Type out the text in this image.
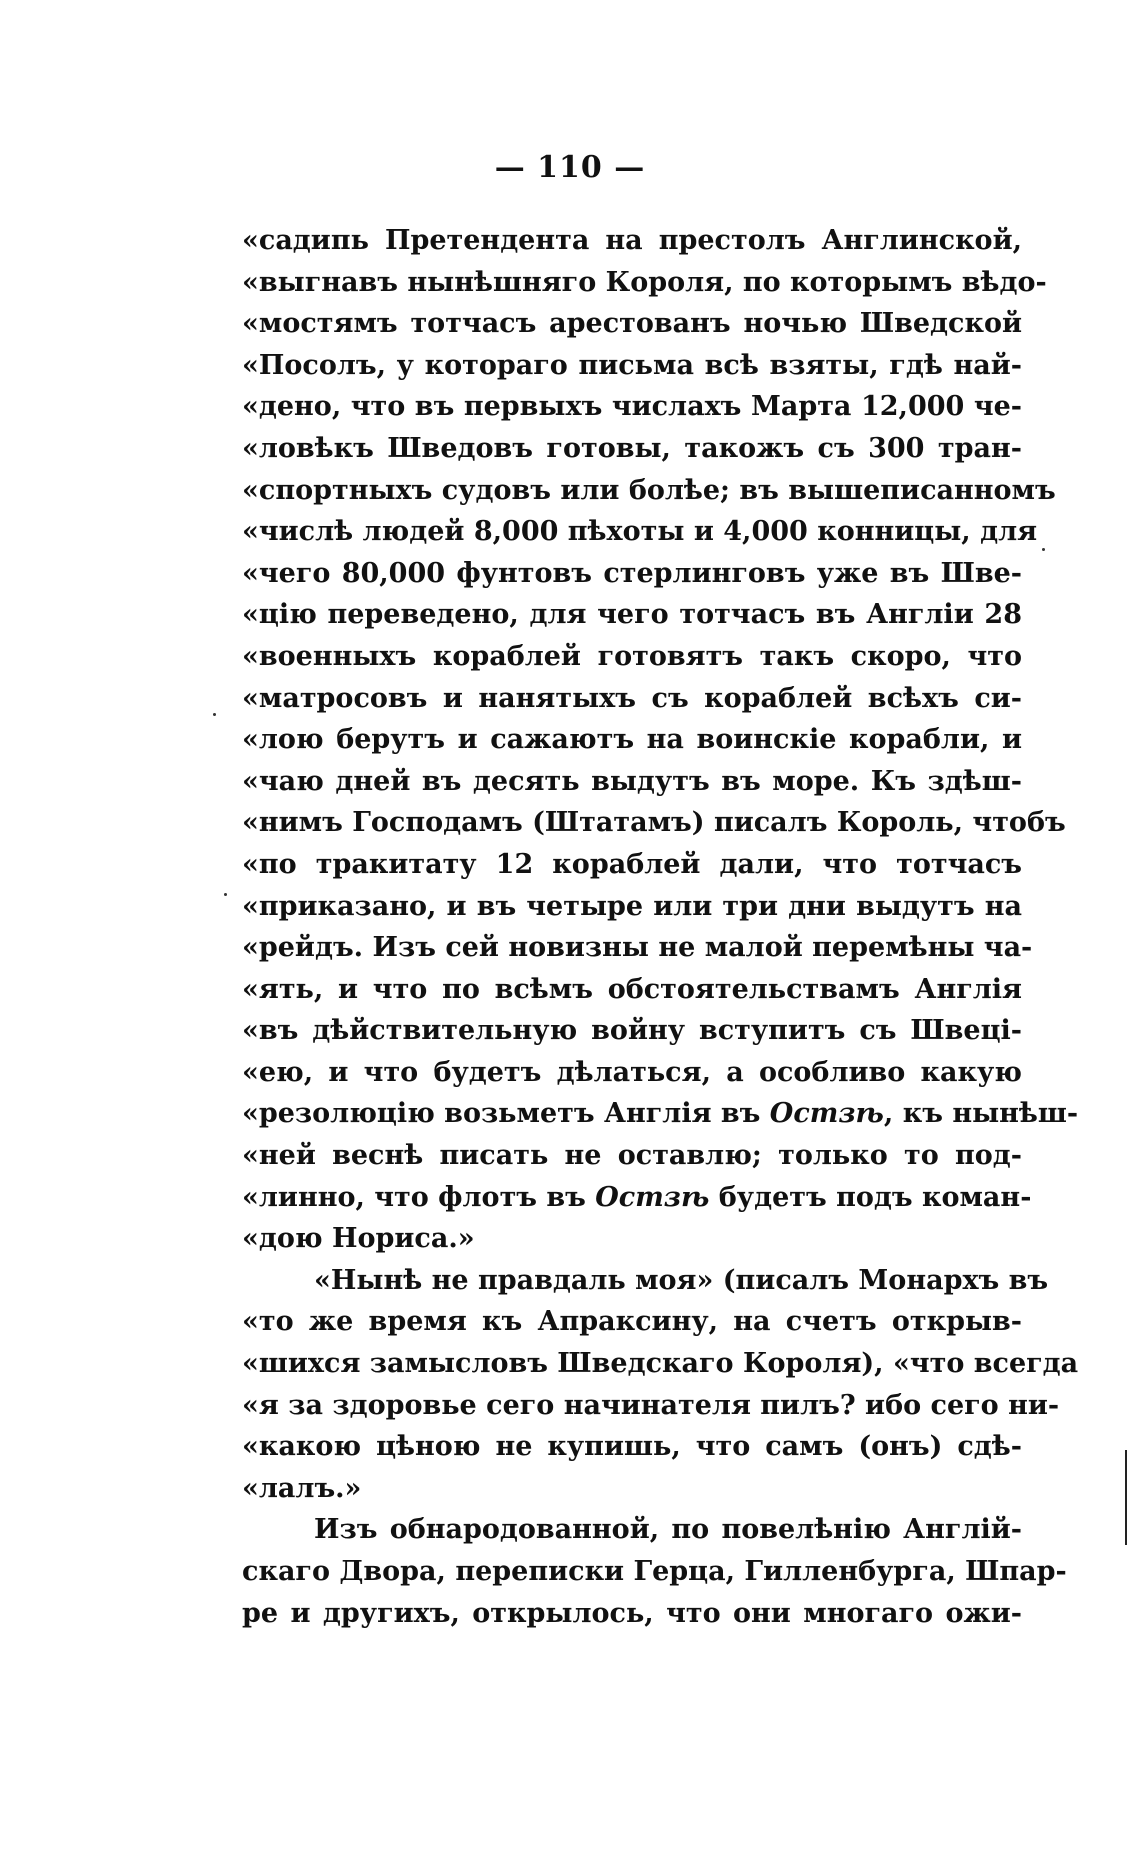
— 110 —
«садипь Претендента на престолъ Англинской,
«выгнавъ нынѣшняго Короля, по которымъ вѣдо-
«мостямъ тотчасъ арестованъ ночью Шведской
«Посолъ, у котораго письма всѣ взяты, гдѣ най-
«дено, что въ первыхъ числахъ Марта 12,000 че-
«ловѣкъ Шведовъ готовы, такожъ съ 300 тран-
«спортныхъ судовъ или болѣе; въ вышеписанномъ
«числѣ людей 8,000 пѣхоты и 4,000 конницы, для
«чего 80,000 фунтовъ стерлинговъ уже въ Шве-
«цію переведено, для чего тотчасъ въ Англіи 28
«военныхъ кораблей готовятъ такъ скоро, что
«матросовъ и нанятыхъ съ кораблей всѣхъ си-
«лою берутъ и сажаютъ на воинскіе корабли, и
«чаю дней въ десять выдутъ въ море. Къ здѣш-
«нимъ Господамъ (Штатамъ) писалъ Король, чтобъ
«по тракитату 12 кораблей дали, что тотчасъ
«приказано, и въ четыре или три дни выдутъ на
«рейдъ. Изъ сей новизны не малой перемѣны ча-
«ять, и что по всѣмъ обстоятельствамъ Англія
«въ дѣйствительную войну вступитъ съ Швеці-
«ею, и что будетъ дѣлаться, а особливо какую
«резолюцію возьметъ Англія въ Остзѣ, къ нынѣш-
«ней веснѣ писать не оставлю; только то под-
«линно, что флотъ въ Остзѣ будетъ подъ коман-
«дою Нориса.»
«Нынѣ не правдаль моя» (писалъ Монархъ въ
«то же время къ Апраксину, на счетъ открыв-
«шихся замысловъ Шведскаго Короля), «что всегда
«я за здоровье сего начинателя пилъ? ибо сего ни-
«какою цѣною не купишь, что самъ (онъ) сдѣ-
«лалъ.»
Изъ обнародованной, по повелѣнію Англій-
скаго Двора, переписки Герца, Гилленбурга, Шпар-
ре и другихъ, открылось, что они многаго ожи-
